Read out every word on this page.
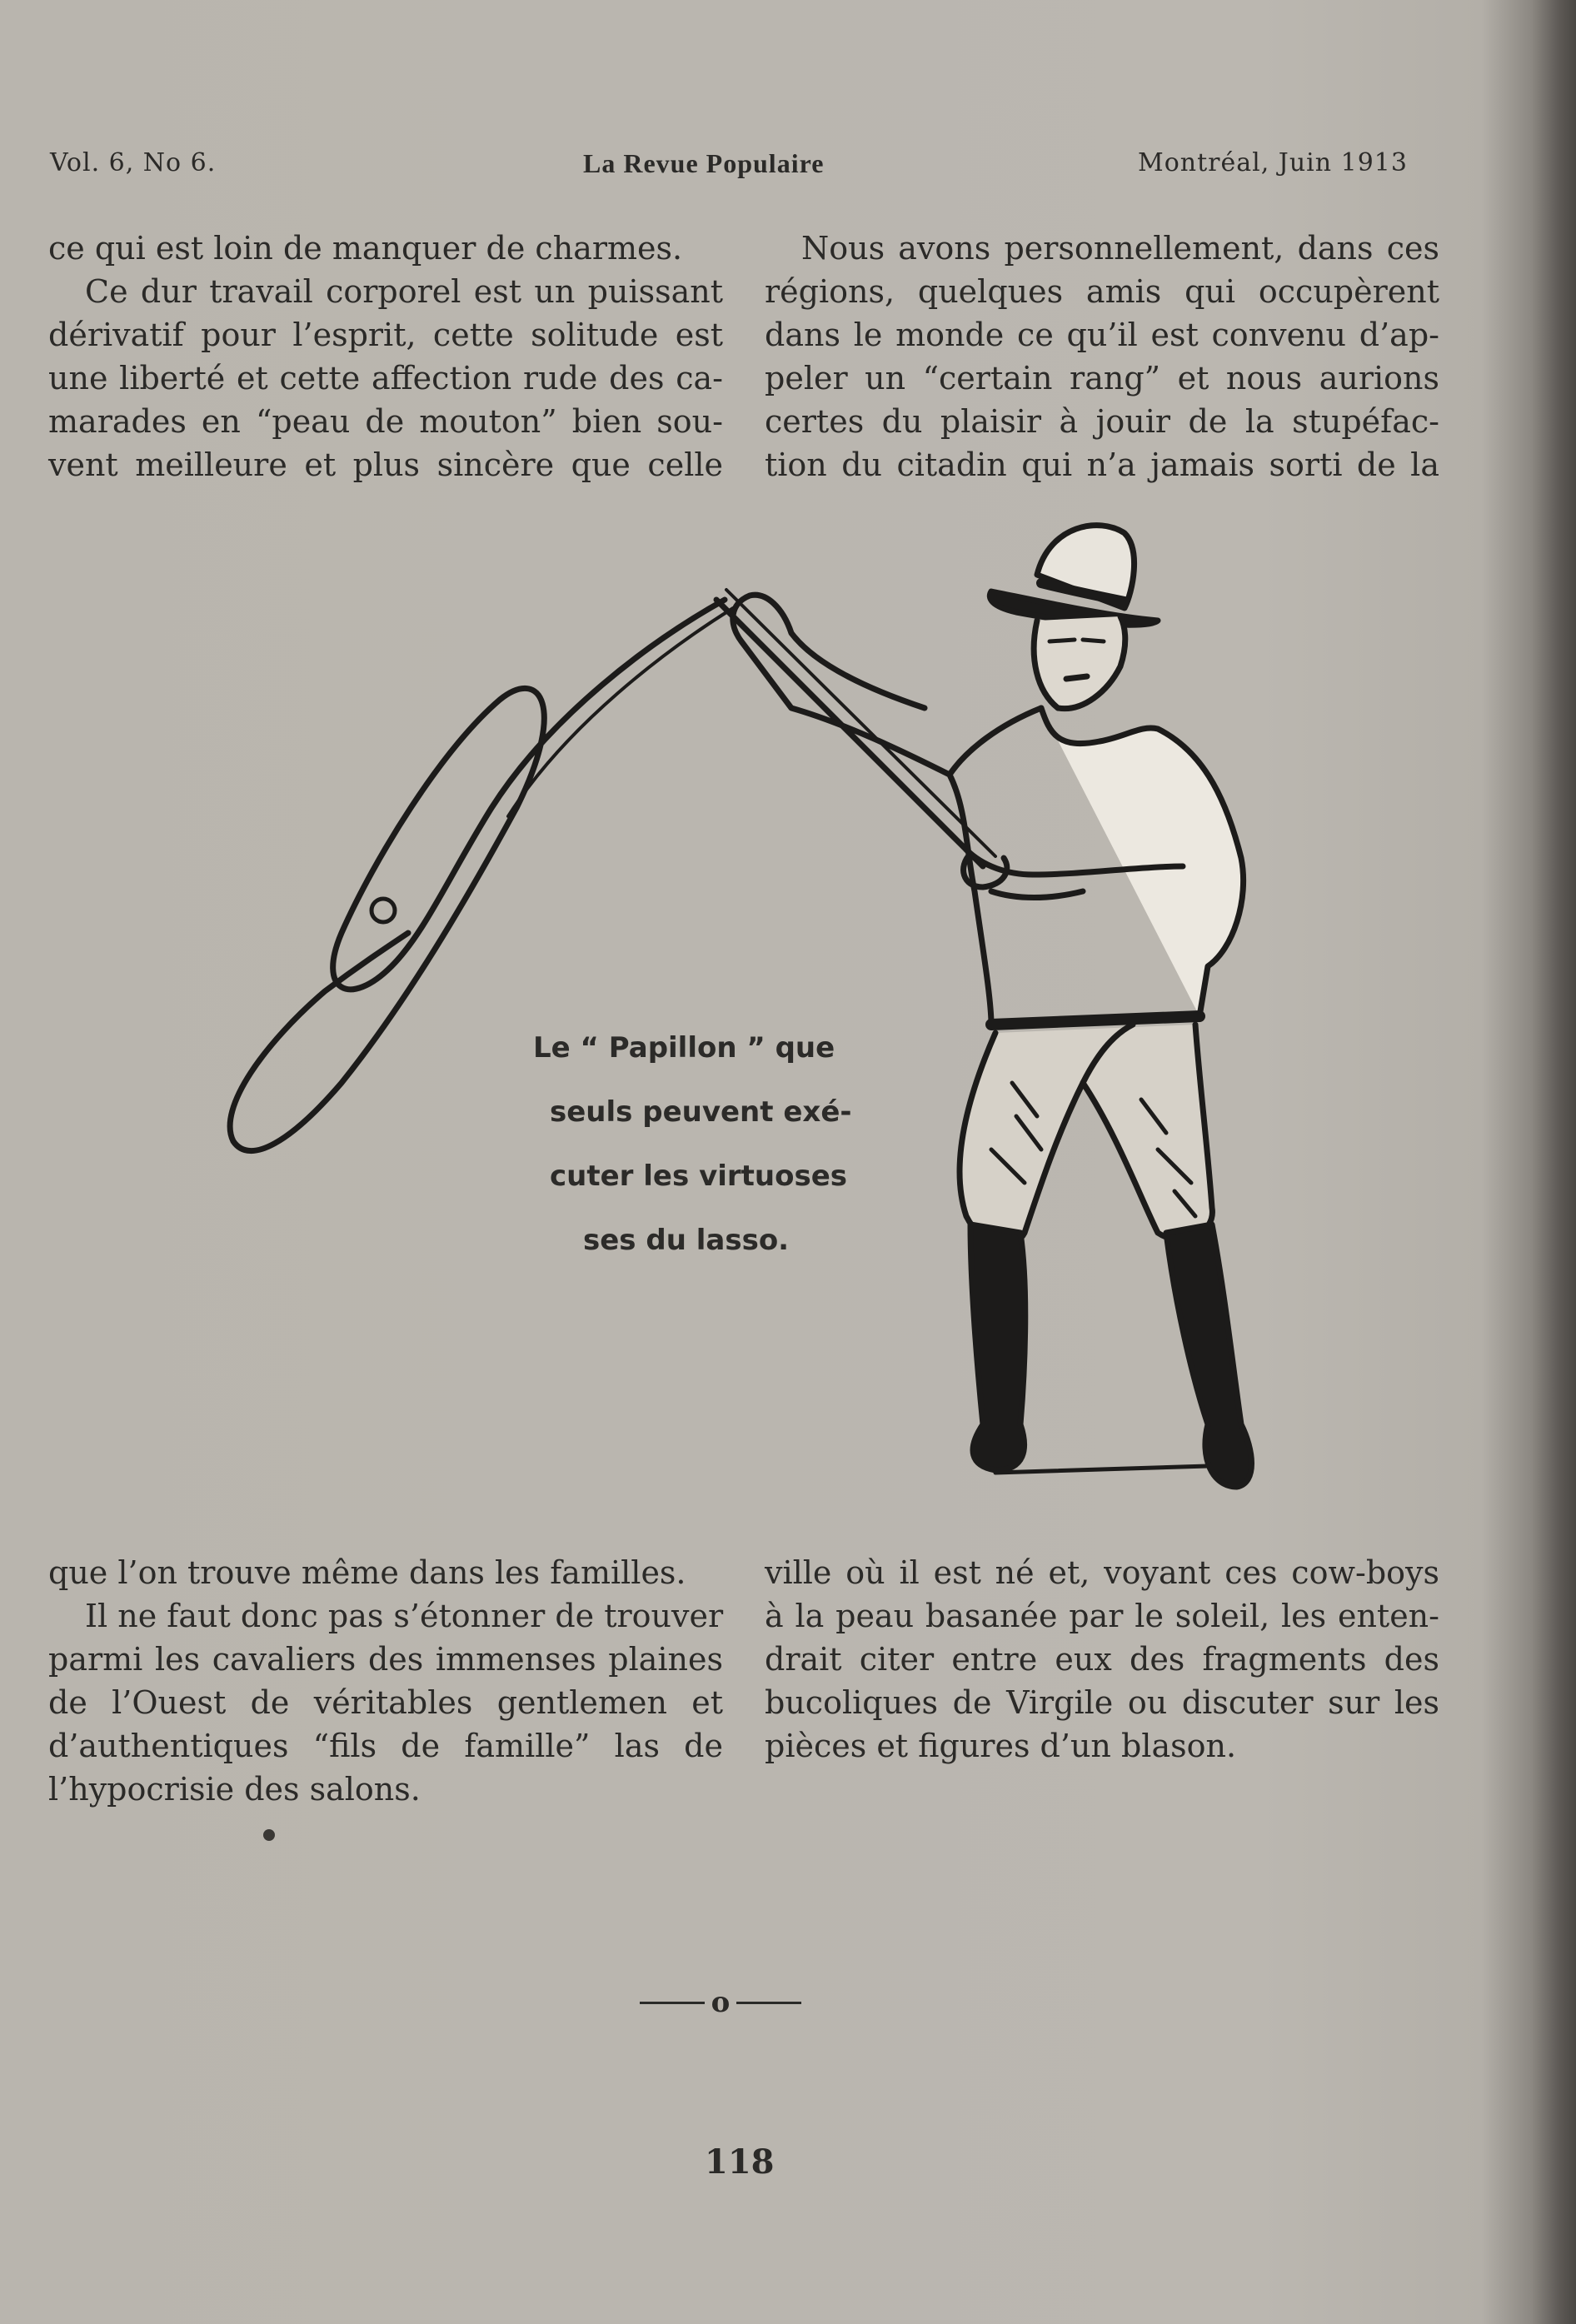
Vol. 6, No 6.	La Revue Populaire	Montréal, Juin 1913
ce qui est loin de manquer de charmes.
Ce dur travail corporel est un puissant
dérivatif pour l’esprit, cette solitude est
une liberté et cette affection rude des ca-
marades en “peau de mouton” bien sou-
vent meilleure et plus sincère que celle
Nous avons personnellement, dans ces
régions, quelques amis qui occupèrent
dans le monde ce qu’il est convenu d’ap-
peler un “certain rang” et nous aurions
certes du plaisir à jouir de la stupéfac-
tion du citadin qui n’a jamais sorti de la
Le “ Papillon ” que
seuls peuvent exé-
cuter les virtuoses
ses du lasso.
que l’on trouve même dans les familles.
Il ne faut donc pas s’étonner de trouver
parmi les cavaliers des immenses plaines
de l’Ouest de véritables gentlemen et
d’authentiques “fils de famille” las de
l’hypocrisie des salons.
ville où il est né et, voyant ces cow-boys
à la peau basanée par le soleil, les enten-
drait citer entre eux des fragments des
bucoliques de Virgile ou discuter sur les
pièces et figures d’un blason.
o
118
